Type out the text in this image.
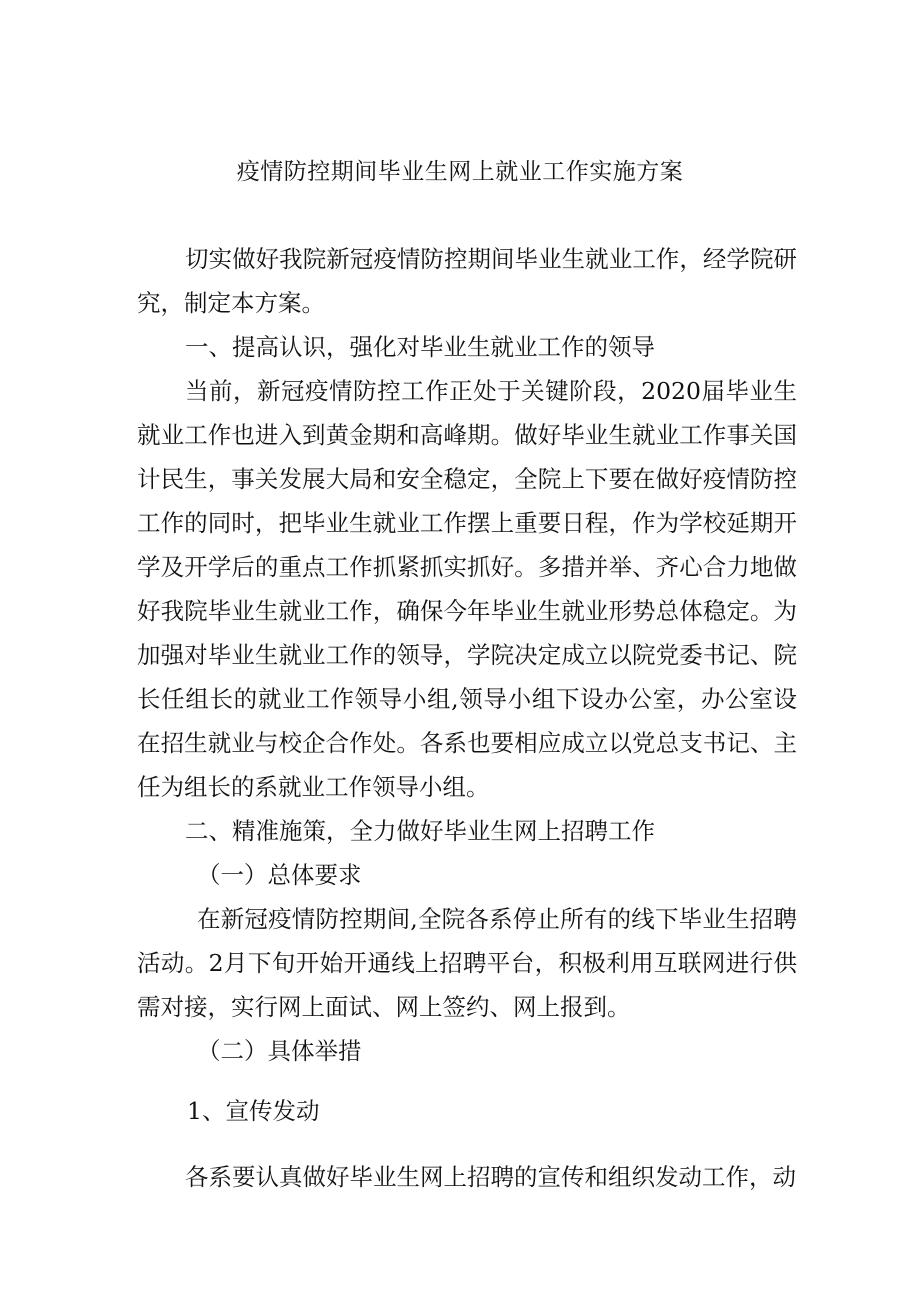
疫情防控期间毕业生网上就业工作实施方案

切实做好我院新冠疫情防控期间毕业生就业工作，经学院研究，制定本方案。

一、提高认识，强化对毕业生就业工作的领导

当前，新冠疫情防控工作正处于关键阶段，2020届毕业生就业工作也进入到黄金期和高峰期。做好毕业生就业工作事关国计民生，事关发展大局和安全稳定，全院上下要在做好疫情防控工作的同时，把毕业生就业工作摆上重要日程，作为学校延期开学及开学后的重点工作抓紧抓实抓好。多措并举、齐心合力地做好我院毕业生就业工作，确保今年毕业生就业形势总体稳定。为加强对毕业生就业工作的领导，学院决定成立以院党委书记、院长任组长的就业工作领导小组,领导小组下设办公室，办公室设在招生就业与校企合作处。各系也要相应成立以党总支书记、主任为组长的系就业工作领导小组。

二、精准施策，全力做好毕业生网上招聘工作

（一）总体要求

在新冠疫情防控期间,全院各系停止所有的线下毕业生招聘活动。2月下旬开始开通线上招聘平台，积极利用互联网进行供需对接，实行网上面试、网上签约、网上报到。

（二）具体举措

1、宣传发动

各系要认真做好毕业生网上招聘的宣传和组织发动工作，动
